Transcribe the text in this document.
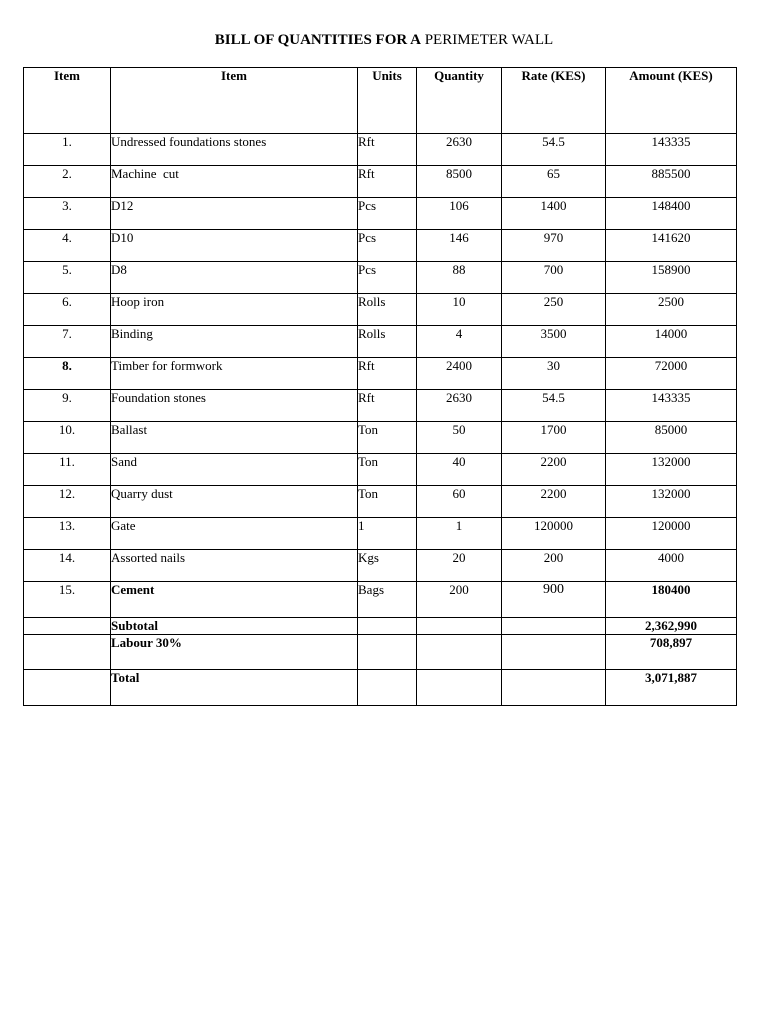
BILL OF QUANTITIES FOR A PERIMETER WALL
Item	Item	Units	Quantity	Rate (KES)	Amount (KES)

1.	Undressed foundations stones	Rft	2630	54.5	143335
2.	Machine  cut	Rft	8500	65	885500
3.	D12	Pcs	106	1400	148400
4.	D10	Pcs	146	970	141620
5.	D8	Pcs	88	700	158900
6.	Hoop iron	Rolls	10	250	2500
7.	Binding	Rolls	4	3500	14000
8.	Timber for formwork	Rft	2400	30	72000
9.	Foundation stones	Rft	2630	54.5	143335
10.	Ballast	Ton	50	1700	85000
11.	Sand	Ton	40	2200	132000
12.	Quarry dust	Ton	60	2200	132000
13.	Gate	1	1	120000	120000
14.	Assorted nails	Kgs	20	200	4000
15.	Cement	Bags	200	900	180400
	Subtotal				2,362,990
	Labour 30%				708,897
	Total				3,071,887
